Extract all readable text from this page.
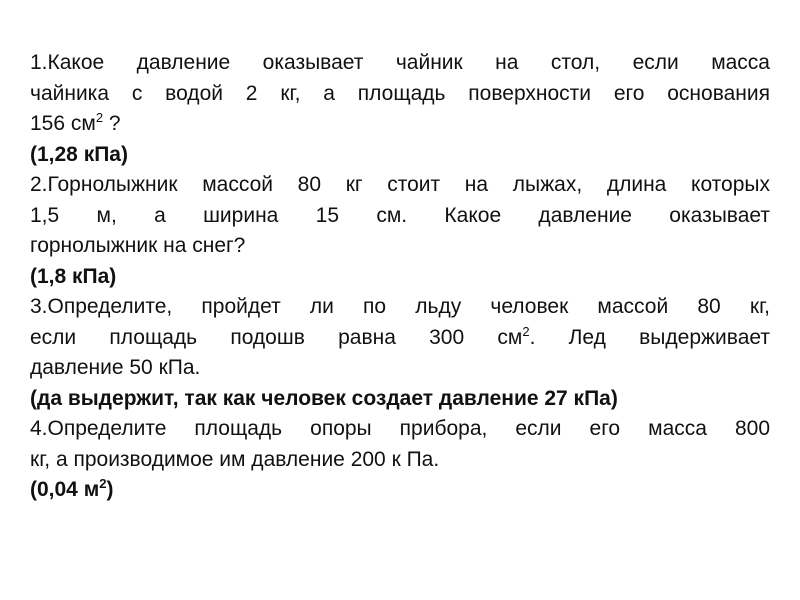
1.Какое давление оказывает чайник на стол, если масса
чайника с водой 2 кг, а площадь поверхности его основания
156 $см^2$ ?
(1,28 кПа)
2.Горнолыжник массой 80 кг стоит на лыжах, длина которых
1,5 м, а ширина 15 см. Какое давление оказывает
горнолыжник на снег?
(1,8 кПа)
3.Определите, пройдет ли по льду человек массой 80 кг,
если площадь подошв равна 300 $см^2$. Лед выдерживает
давление 50 кПа.
(да выдержит, так как человек создает давление 27 кПа)
4.Определите площадь опоры прибора, если его масса 800
кг, а производимое им давление 200 к Па.
(0,04 $м^2$)
